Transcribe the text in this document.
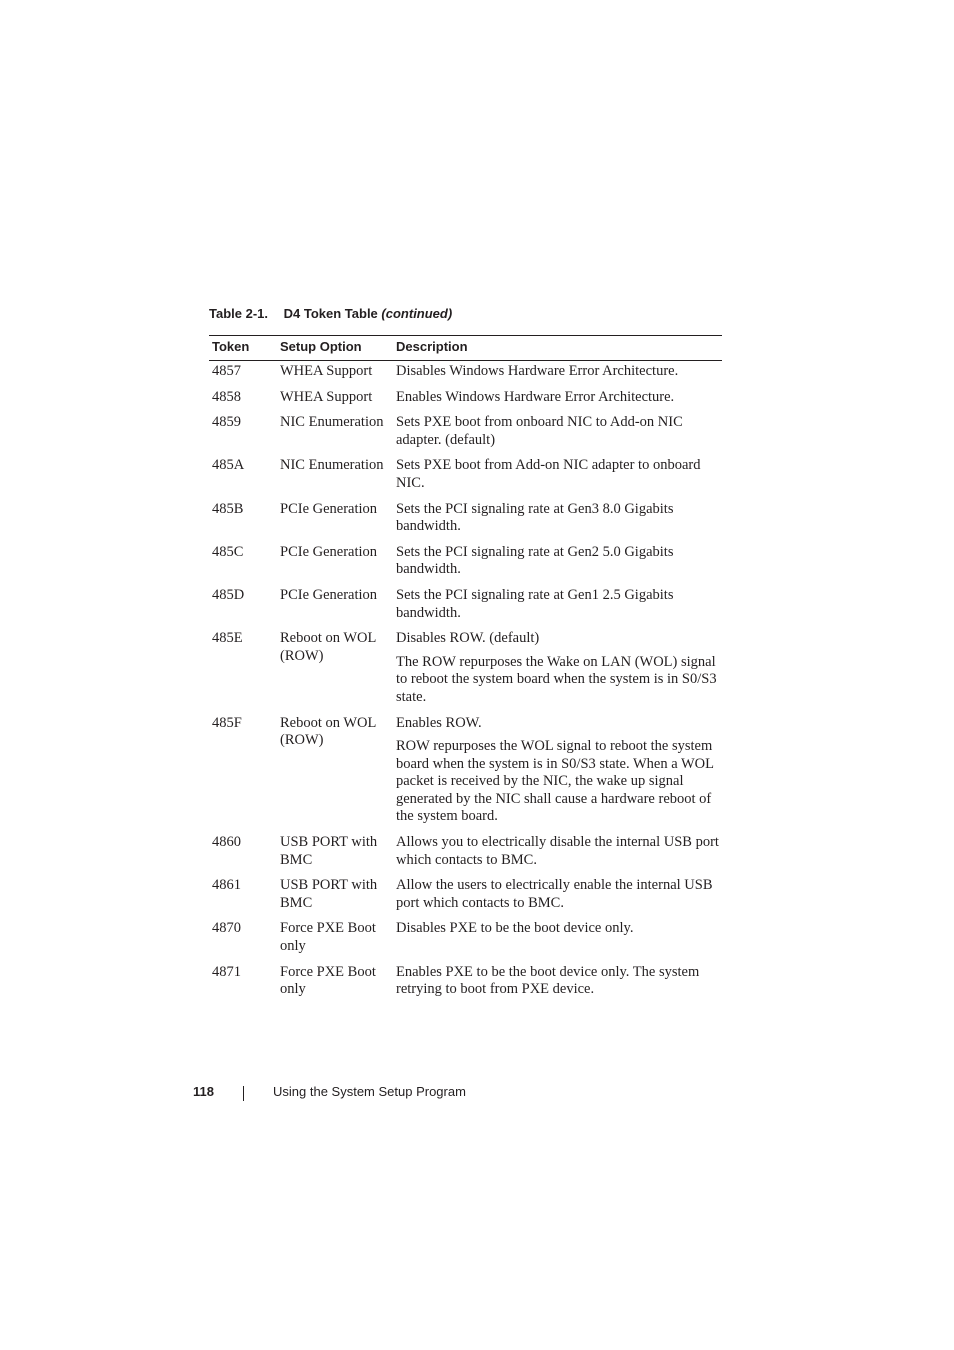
Table 2-1. D4 Token Table (continued)
Token	Setup Option	Description
4857	WHEA Support	Disables Windows Hardware Error Architecture.

4858	WHEA Support	Enables Windows Hardware Error Architecture.

4859	NIC Enumeration	Sets PXE boot from onboard NIC to Add-on NIC adapter. (default)

485A	NIC Enumeration	Sets PXE boot from Add-on NIC adapter to onboard NIC.

485B	PCIe Generation	Sets the PCI signaling rate at Gen3 8.0 Gigabits bandwidth.

485C	PCIe Generation	Sets the PCI signaling rate at Gen2 5.0 Gigabits bandwidth.

485D	PCIe Generation	Sets the PCI signaling rate at Gen1 2.5 Gigabits bandwidth.

485E	Reboot on WOL (ROW)	Disables ROW. (default)

The ROW repurposes the Wake on LAN (WOL) signal to reboot the system board when the system is in S0/S3 state.

485F	Reboot on WOL (ROW)	Enables ROW.

ROW repurposes the WOL signal to reboot the system board when the system is in S0/S3 state. When a WOL packet is received by the NIC, the wake up signal generated by the NIC shall cause a hardware reboot of the system board.

4860	USB PORT with BMC	Allows you to electrically disable the internal USB port which contacts to BMC.

4861	USB PORT with BMC	Allow the users to electrically enable the internal USB port which contacts to BMC.

4870	Force PXE Boot only	Disables PXE to be the boot device only.

4871	Force PXE Boot only	Enables PXE to be the boot device only. The system retrying to boot from PXE device.

118	Using the System Setup Program
